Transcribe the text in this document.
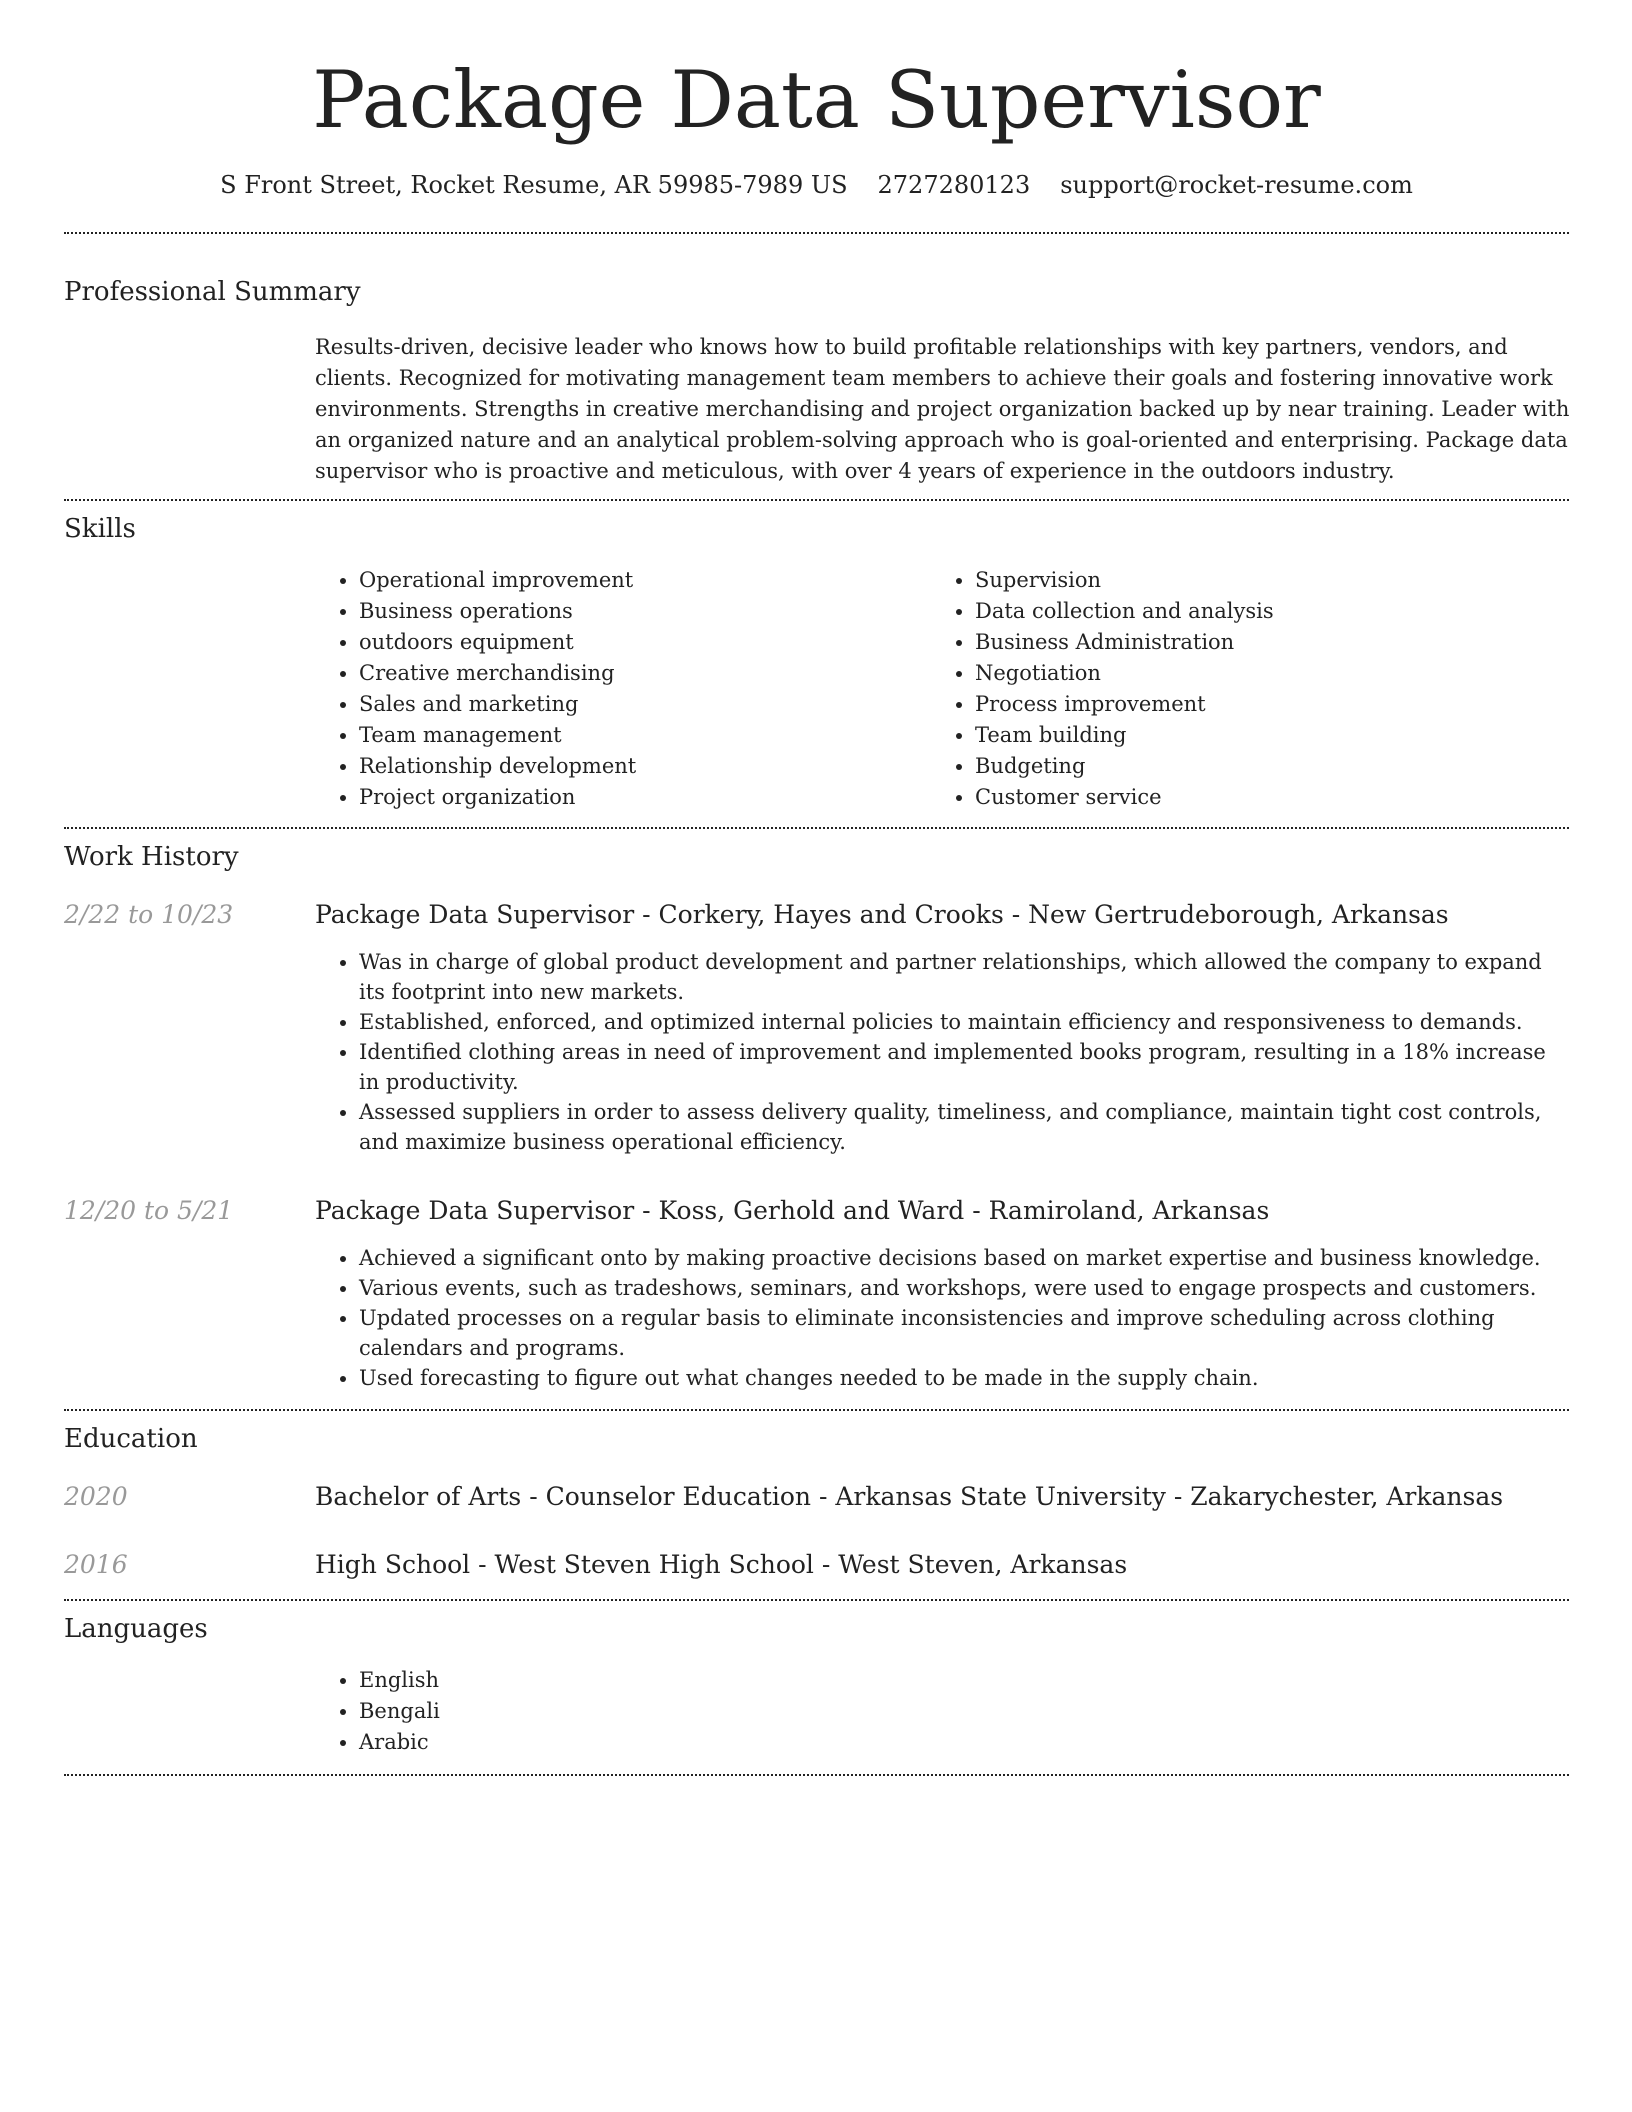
Package Data Supervisor
S Front Street, Rocket Resume, AR 59985-7989 US 2727280123 support@rocket-resume.com
Professional Summary

Results-driven, decisive leader who knows how to build profitable relationships with key partners, vendors, and clients. Recognized for motivating management team members to achieve their goals and fostering innovative work environments. Strengths in creative merchandising and project organization backed up by near training. Leader with an organized nature and an analytical problem-solving approach who is goal-oriented and enterprising. Package data supervisor who is proactive and meticulous, with over 4 years of experience in the outdoors industry.

Skills
• Operational improvement
• Business operations
• outdoors equipment
• Creative merchandising
• Sales and marketing
• Team management
• Relationship development
• Project organization
• Supervision
• Data collection and analysis
• Business Administration
• Negotiation
• Process improvement
• Team building
• Budgeting
• Customer service
Work History
2/22 to 10/23	Package Data Supervisor - Corkery, Hayes and Crooks - New Gertrudeborough, Arkansas

• Was in charge of global product development and partner relationships, which allowed the company to expand its footprint into new markets.
• Established, enforced, and optimized internal policies to maintain efficiency and responsiveness to demands.
• Identified clothing areas in need of improvement and implemented books program, resulting in a 18% increase in productivity.
• Assessed suppliers in order to assess delivery quality, timeliness, and compliance, maintain tight cost controls, and maximize business operational efficiency.
12/20 to 5/21	Package Data Supervisor - Koss, Gerhold and Ward - Ramiroland, Arkansas

• Achieved a significant onto by making proactive decisions based on market expertise and business knowledge.
• Various events, such as tradeshows, seminars, and workshops, were used to engage prospects and customers.
• Updated processes on a regular basis to eliminate inconsistencies and improve scheduling across clothing calendars and programs.
• Used forecasting to figure out what changes needed to be made in the supply chain.
Education
2020	Bachelor of Arts - Counselor Education - Arkansas State University - Zakarychester, Arkansas

2016	High School - West Steven High School - West Steven, Arkansas

Languages
• English
• Bengali
• Arabic
